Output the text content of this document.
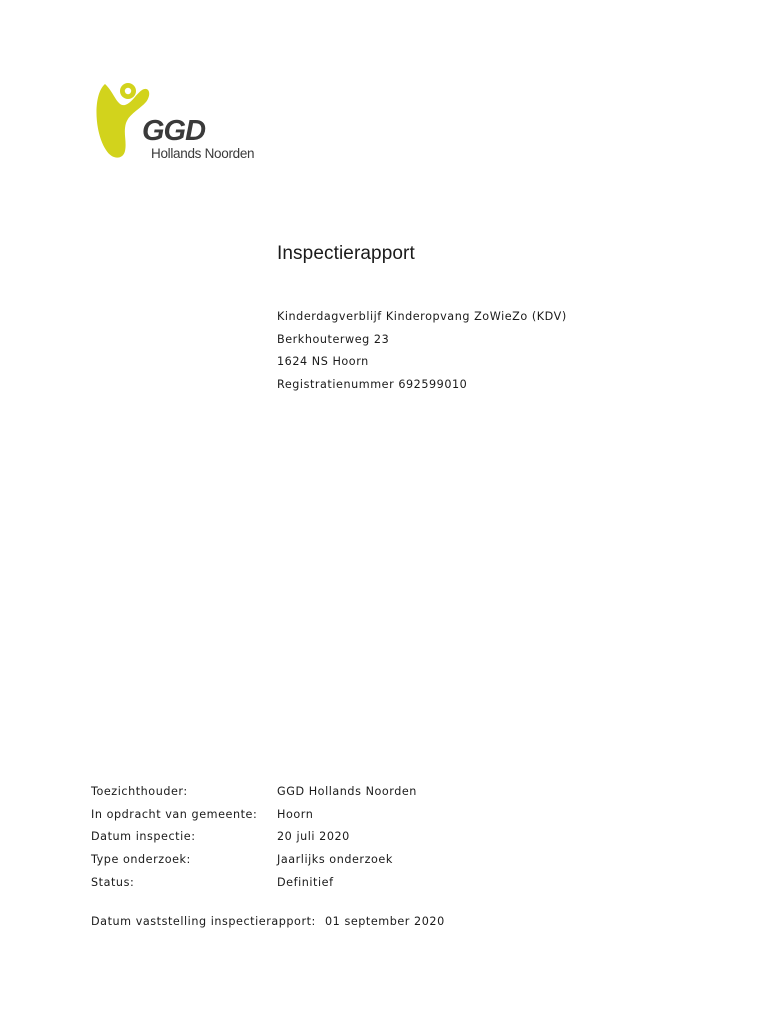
GGD
Hollands Noorden
Inspectierapport
Kinderdagverblijf Kinderopvang ZoWieZo (KDV)
Berkhouterweg 23
1624 NS Hoorn
Registratienummer 692599010
Toezichthouder:	GGD Hollands Noorden
In opdracht van gemeente:	Hoorn
Datum inspectie:	20 juli 2020
Type onderzoek:	Jaarlijks onderzoek
Status:	Definitief
Datum vaststelling inspectierapport: 01 september 2020
